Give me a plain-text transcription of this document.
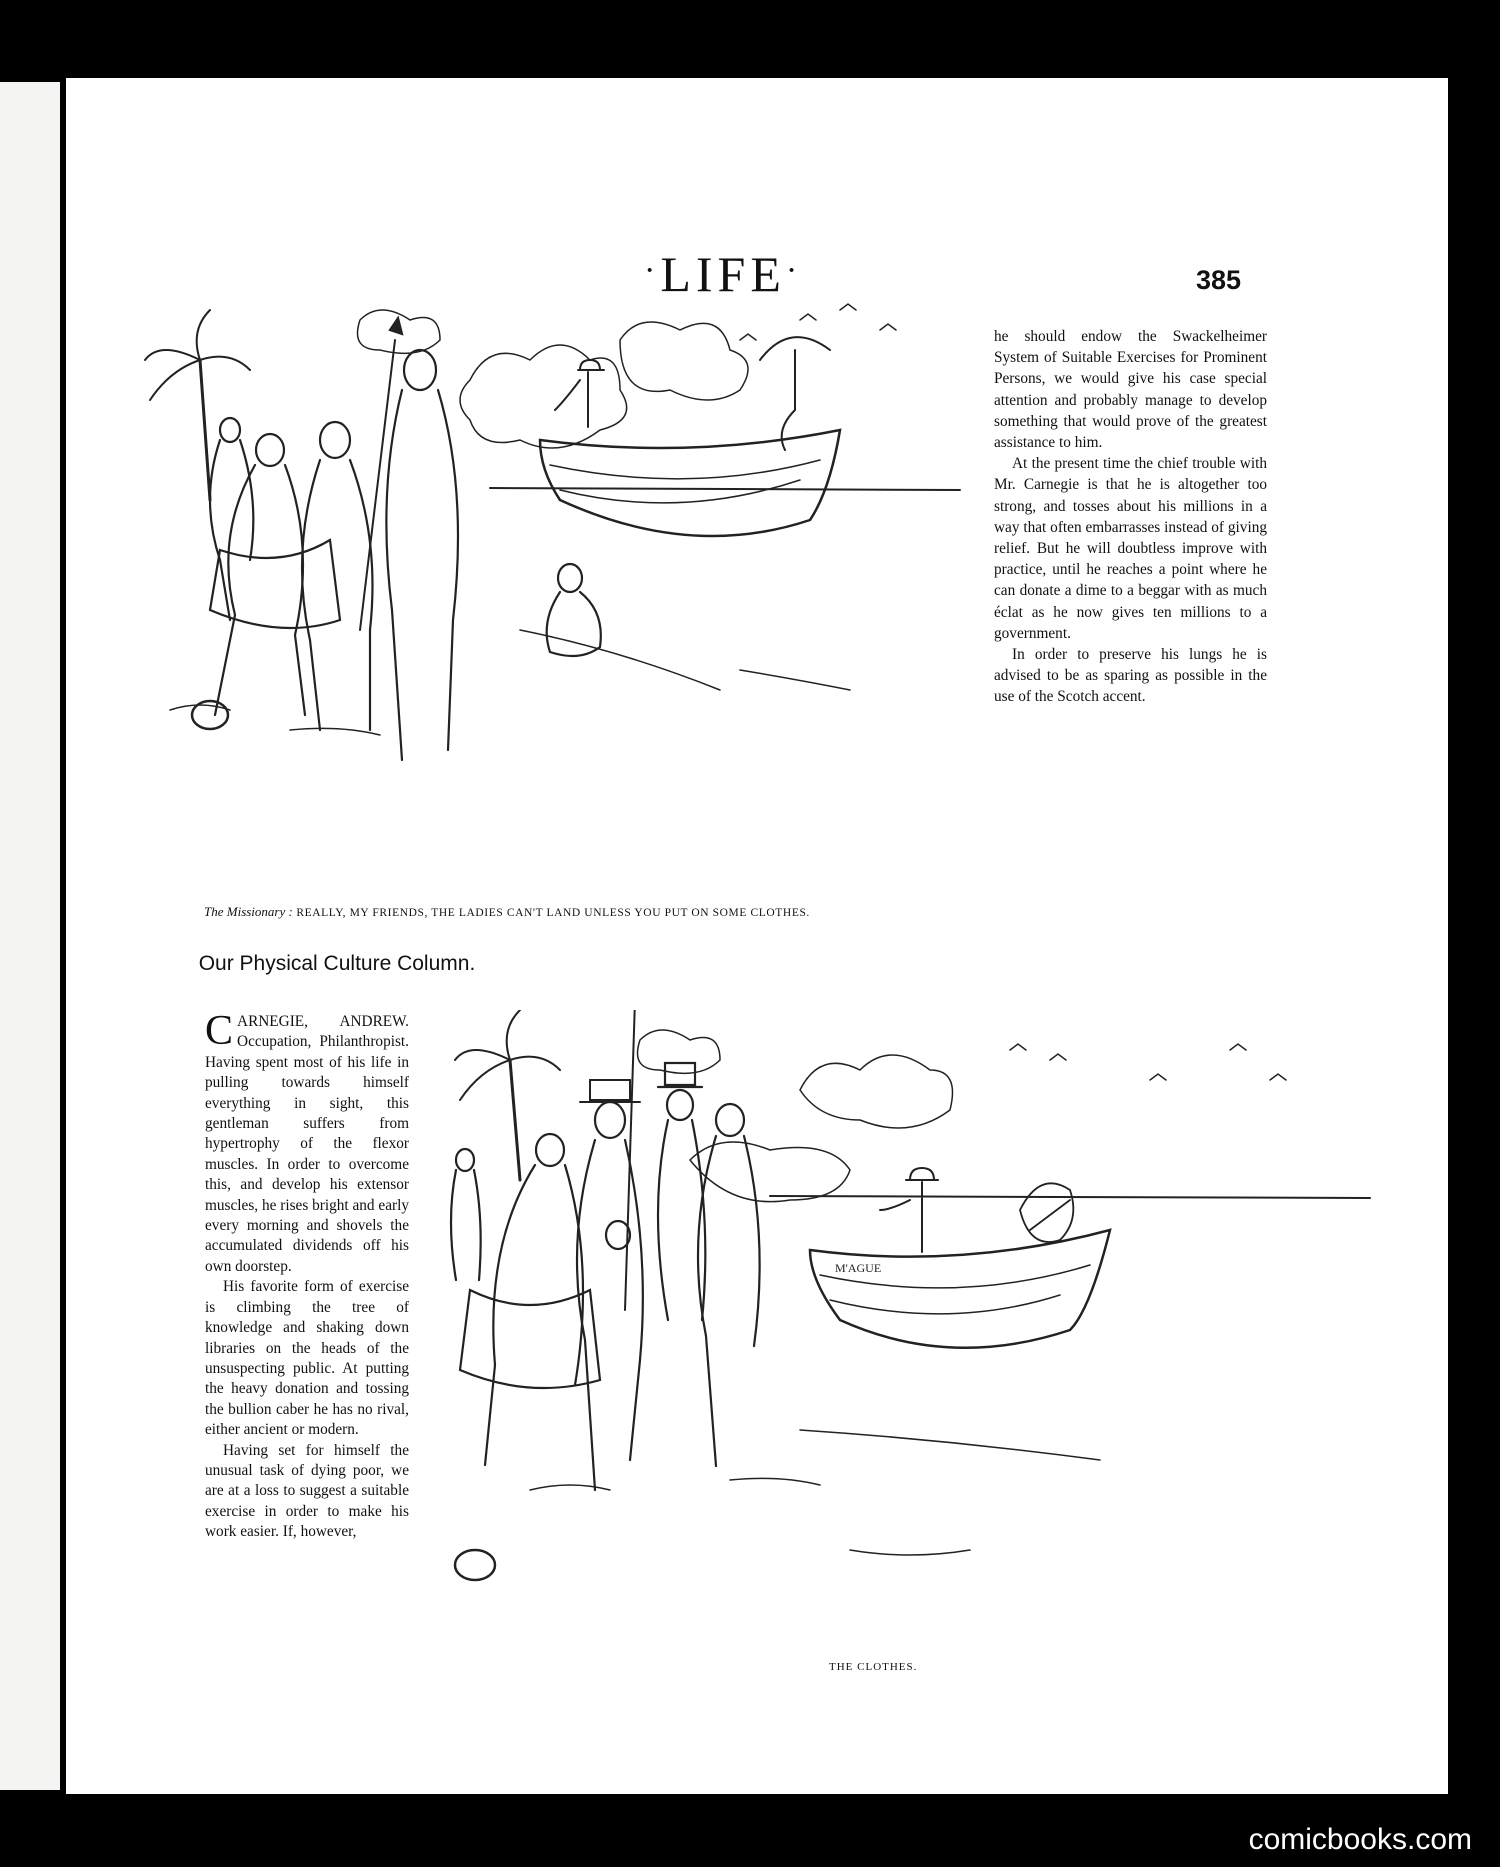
·LIFE·	385
The Missionary : REALLY, MY FRIENDS, THE LADIES CAN'T LAND UNLESS YOU PUT ON SOME CLOTHES.

he should endow the Swackelheimer System of Suitable Exercises for Prominent Persons, we would give his case special attention and probably manage to develop something that would prove of the greatest assistance to him.

At the present time the chief trouble with Mr. Carnegie is that he is altogether too strong, and tosses about his millions in a way that often embarrasses instead of giving relief. But he will doubtless improve with practice, until he reaches a point where he can donate a dime to a beggar with as much éclat as he now gives ten millions to a government.

In order to preserve his lungs he is advised to be as sparing as possible in the use of the Scotch accent.

Our Physical Culture Column.

CARNEGIE, ANDREW. Occupation, Philanthropist. Having spent most of his life in pulling towards himself everything in sight, this gentleman suffers from hypertrophy of the flexor muscles. In order to overcome this, and develop his extensor muscles, he rises bright and early every morning and shovels the accumulated dividends off his own doorstep.

His favorite form of exercise is climbing the tree of knowledge and shaking down libraries on the heads of the unsuspecting public. At putting the heavy donation and tossing the bullion caber he has no rival, either ancient or modern.

Having set for himself the unusual task of dying poor, we are at a loss to suggest a suitable exercise in order to make his work easier. If, however,

M'AGUE
THE CLOTHES.
comicbooks.com
